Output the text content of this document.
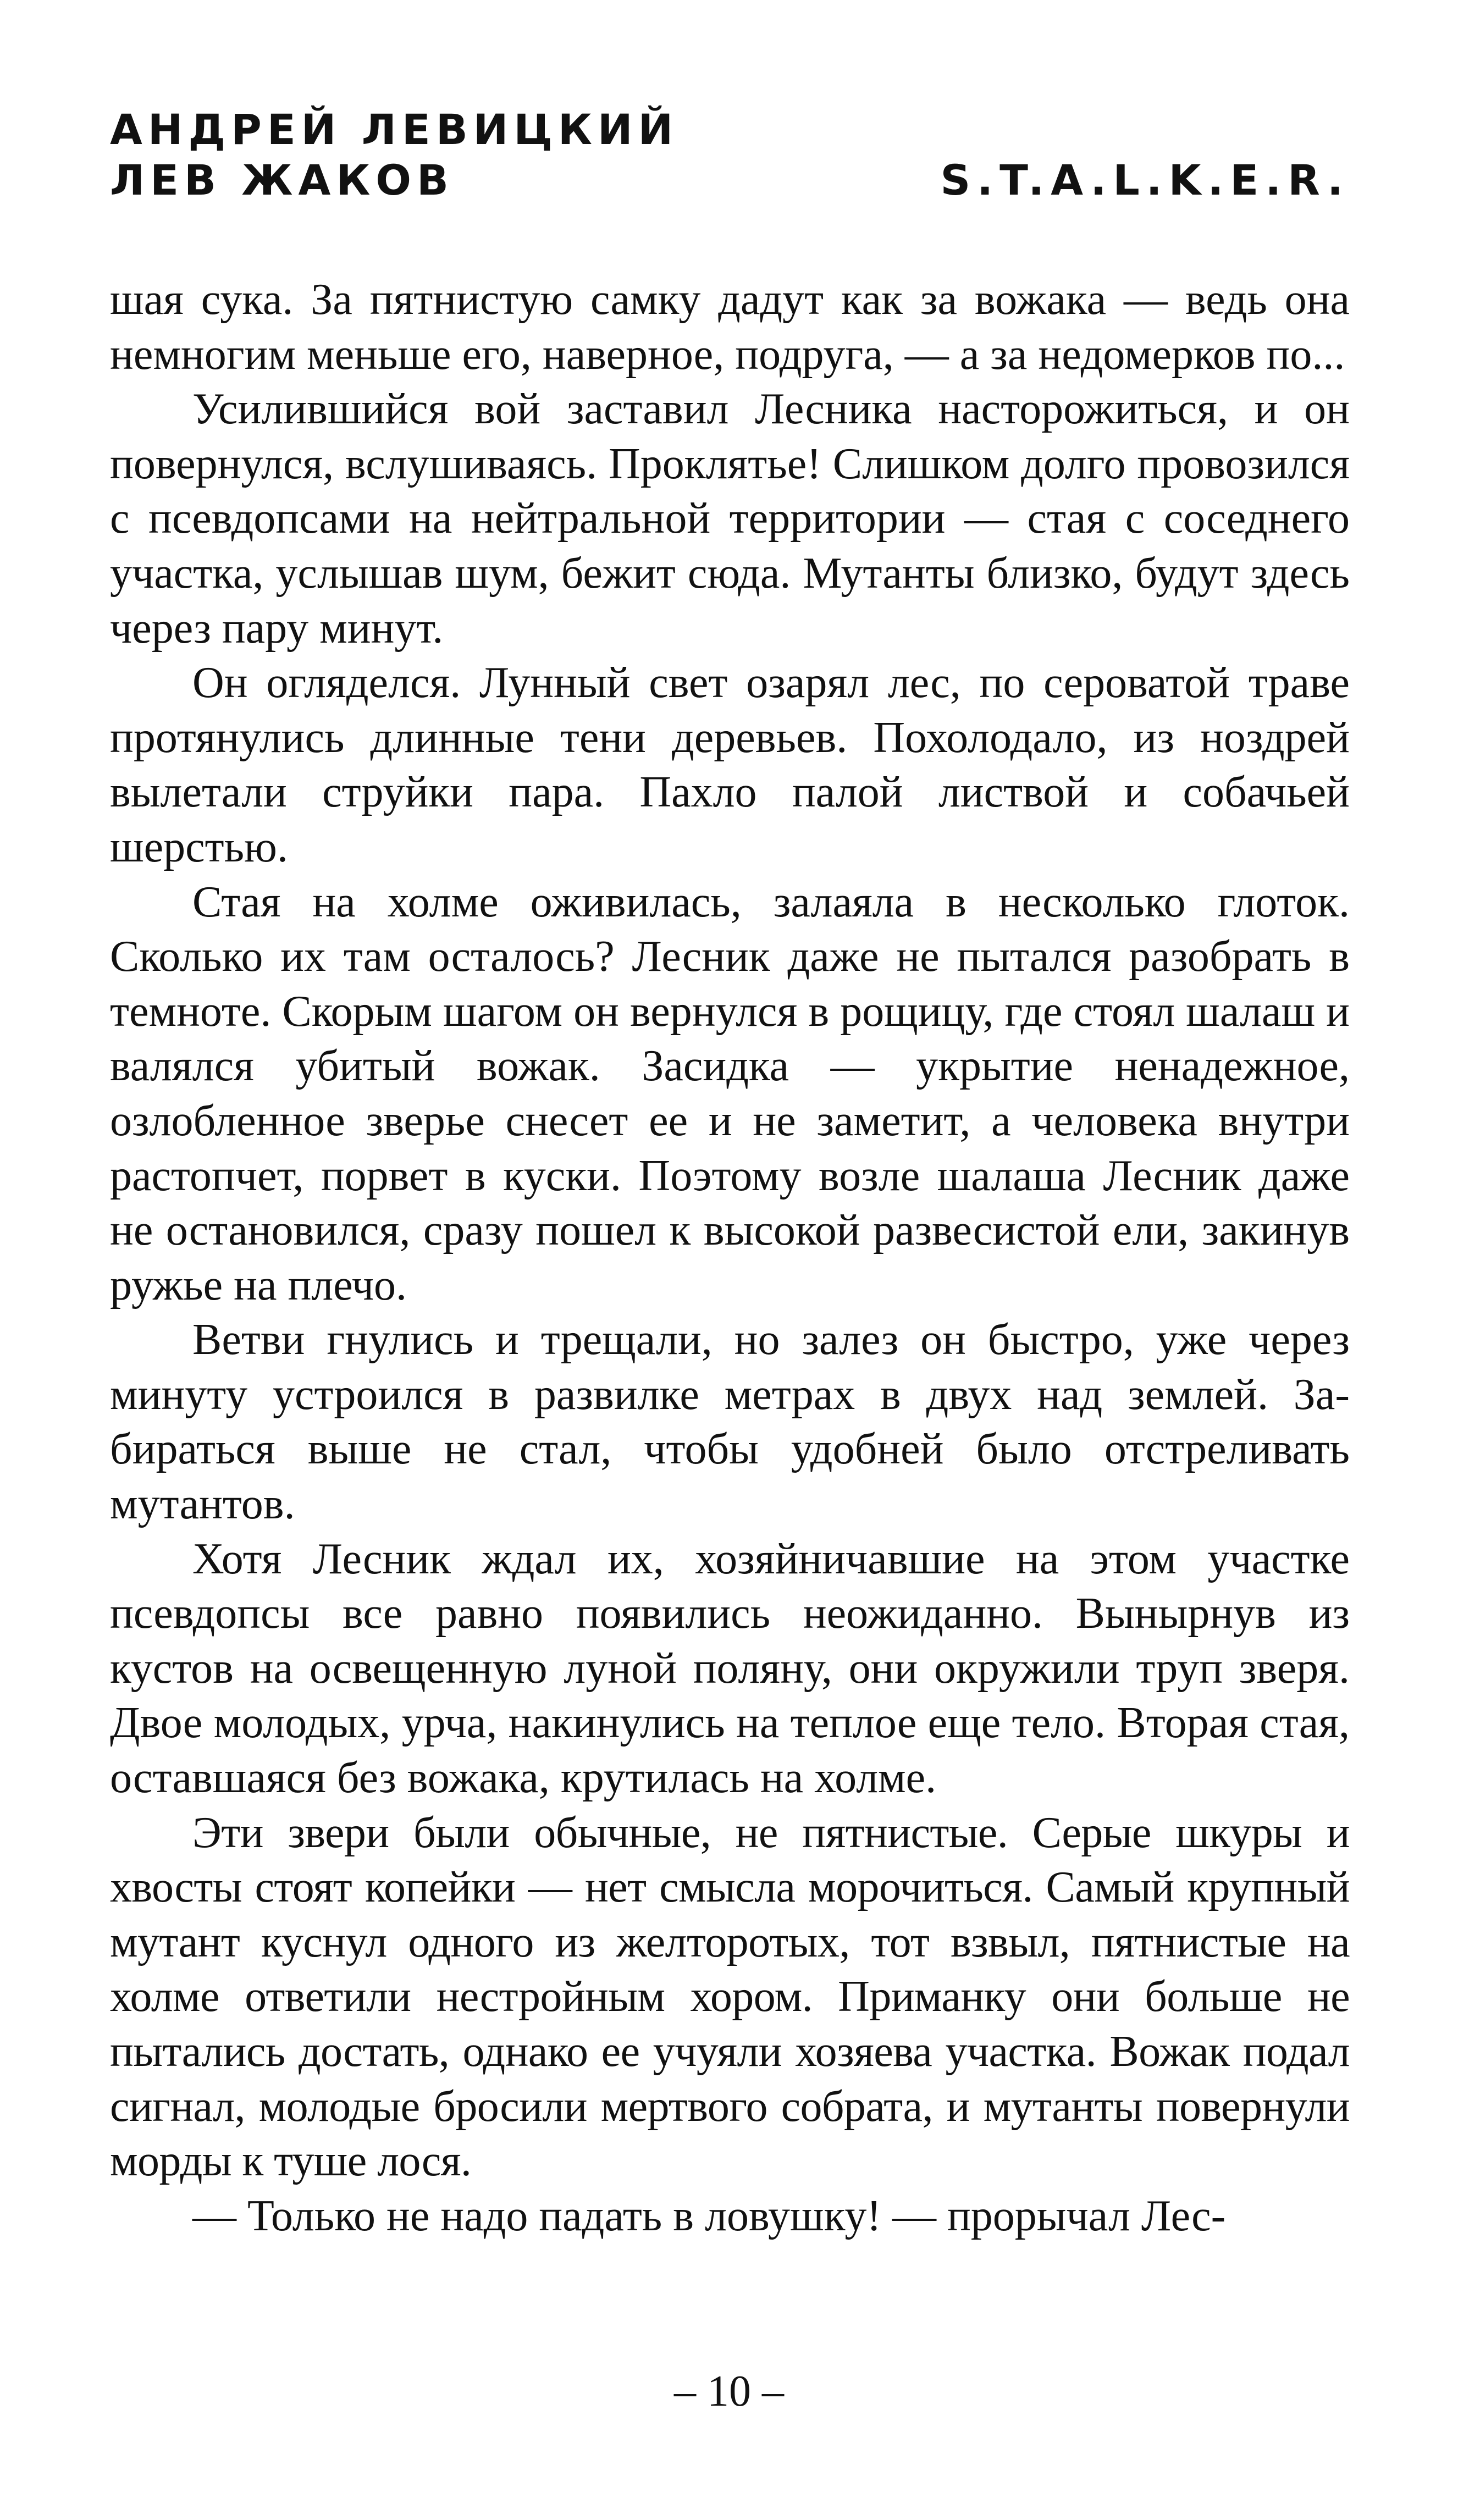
АНДРЕЙ ЛЕВИЦКИЙ
ЛЕВ ЖАКОВ	S.T.A.L.K.E.R.

шая сука. За пятнистую самку дадут как за вожака — ведь она немногим меньше его, наверное, подруга, — а за недомерков по...

Усилившийся вой заставил Лесника насторожиться, и он повернулся, вслушиваясь. Проклятье! Слишком долго провозился с псевдопсами на нейтральной территории — стая с соседнего участка, услышав шум, бежит сюда. Мутанты близко, будут здесь через пару минут.

Он огляделся. Лунный свет озарял лес, по сероватой траве протянулись длинные тени деревьев. Похолодало, из ноздрей вылетали струйки пара. Пахло палой листвой и собачьей шерстью.

Стая на холме оживилась, залаяла в несколько глоток. Сколько их там осталось? Лесник даже не пытался разобрать в темноте. Скорым шагом он вернулся в рощицу, где стоял шалаш и валялся убитый вожак. Засидка — укрытие ненадежное, озлобленное зверье снесет ее и не заметит, а человека внутри растопчет, порвет в куски. Поэтому возле шалаша Лесник даже не остановился, сразу пошел к высокой развесистой ели, закинув ружье на плечо.

Ветви гнулись и трещали, но залез он быстро, уже через минуту устроился в развилке метрах в двух над землей. Забираться выше не стал, чтобы удобней было отстреливать мутантов.

Хотя Лесник ждал их, хозяйничавшие на этом участке псевдопсы все равно появились неожиданно. Вынырнув из кустов на освещенную луной поляну, они окружили труп зверя. Двое молодых, урча, накинулись на теплое еще тело. Вторая стая, оставшаяся без вожака, крутилась на холме.

Эти звери были обычные, не пятнистые. Серые шкуры и хвосты стоят копейки — нет смысла морочиться. Самый крупный мутант куснул одного из желторотых, тот взвыл, пятнистые на холме ответили нестройным хором. Приманку они больше не пытались достать, однако ее учуяли хозяева участка. Вожак подал сигнал, молодые бросили мертвого собрата, и мутанты повернули морды к туше лося.

— Только не надо падать в ловушку! — прорычал Лес-

– 10 –
